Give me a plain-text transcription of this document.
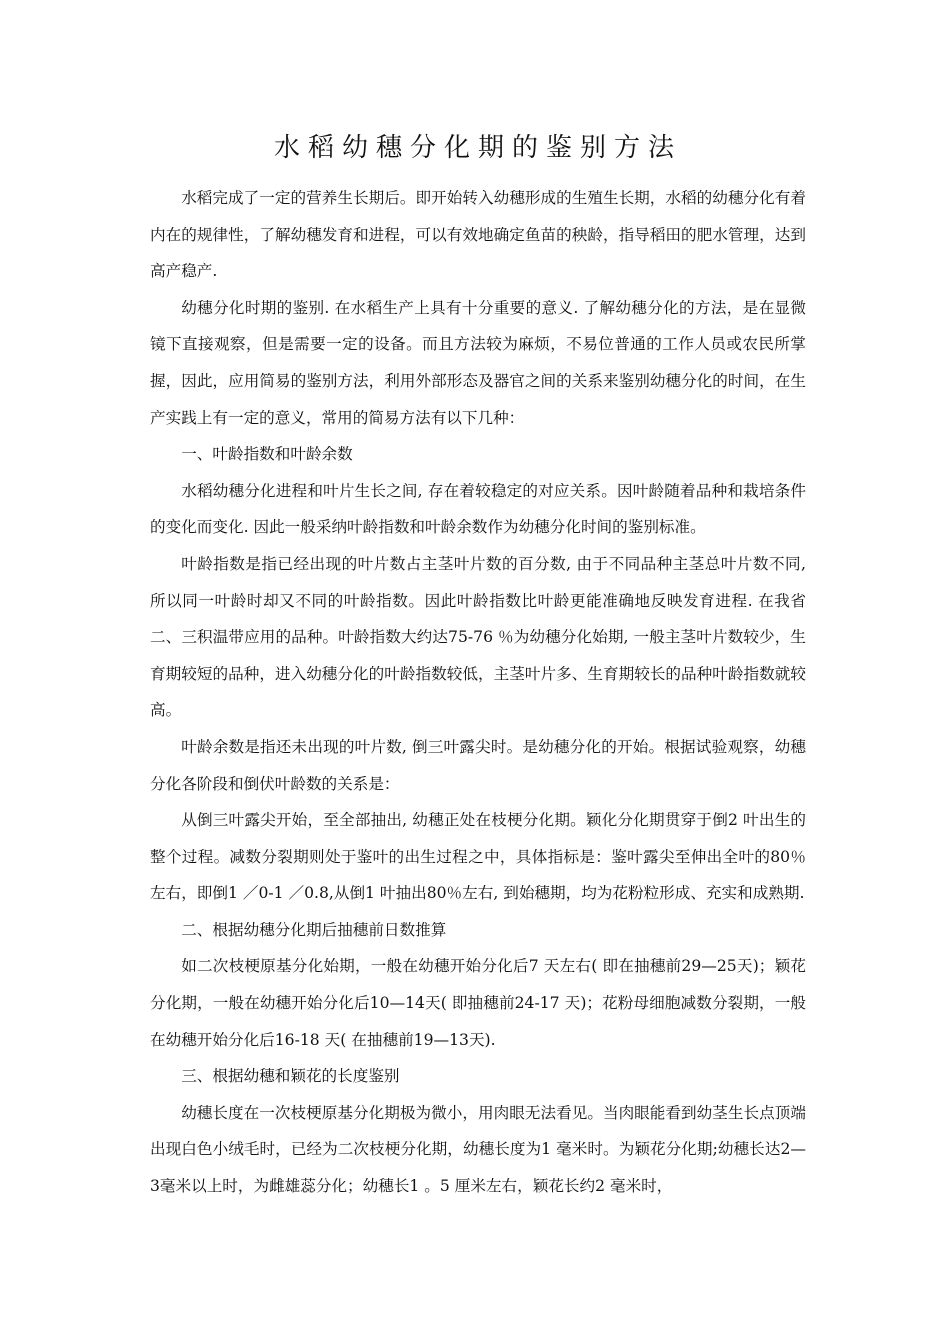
水稻幼穗分化期的鉴别方法

水稻完成了一定的营养生长期后。即开始转入幼穗形成的生殖生长期，水稻的幼穗分化有着内在的规律性，了解幼穗发育和进程，可以有效地确定鱼苗的秧龄，指导稻田的肥水管理，达到高产稳产.

幼穗分化时期的鉴别. 在水稻生产上具有十分重要的意义. 了解幼穗分化的方法，是在显微镜下直接观察，但是需要一定的设备。而且方法较为麻烦，不易位普通的工作人员或农民所掌握，因此，应用简易的鉴别方法，利用外部形态及器官之间的关系来鉴别幼穗分化的时间，在生产实践上有一定的意义，常用的简易方法有以下几种：

一、叶龄指数和叶龄余数

水稻幼穗分化进程和叶片生长之间, 存在着较稳定的对应关系。因叶龄随着品种和栽培条件的变化而变化. 因此一般采纳叶龄指数和叶龄余数作为幼穗分化时间的鉴别标准。

叶龄指数是指已经出现的叶片数占主茎叶片数的百分数, 由于不同品种主茎总叶片数不同, 所以同一叶龄时却又不同的叶龄指数。因此叶龄指数比叶龄更能准确地反映发育进程. 在我省二、三积温带应用的品种。叶龄指数大约达75-76 ％为幼穗分化始期, 一般主茎叶片数较少，生育期较短的品种，进入幼穗分化的叶龄指数较低，主茎叶片多、生育期较长的品种叶龄指数就较高。

叶龄余数是指还未出现的叶片数, 倒三叶露尖时。是幼穗分化的开始。根据试验观察，幼穗分化各阶段和倒伏叶龄数的关系是：

从倒三叶露尖开始，至全部抽出, 幼穗正处在枝梗分化期。颖化分化期贯穿于倒2 叶出生的整个过程。减数分裂期则处于鉴叶的出生过程之中，具体指标是：鉴叶露尖至伸出全叶的80％左右，即倒1 ／0-1 ／0.8,从倒1 叶抽出80％左右, 到始穗期，均为花粉粒形成、充实和成熟期.

二、根据幼穗分化期后抽穗前日数推算

如二次枝梗原基分化始期，一般在幼穗开始分化后7 天左右( 即在抽穗前29—25天)；颖花分化期，一般在幼穗开始分化后10—14天( 即抽穗前24-17 天)；花粉母细胞减数分裂期，一般在幼穗开始分化后16-18 天( 在抽穗前19—13天).

三、根据幼穗和颖花的长度鉴别

幼穗长度在一次枝梗原基分化期极为微小，用肉眼无法看见。当肉眼能看到幼茎生长点顶端出现白色小绒毛时，已经为二次枝梗分化期，幼穗长度为1 毫米时。为颖花分化期;幼穗长达2—3毫米以上时，为雌雄蕊分化；幼穗长1 。5 厘米左右，颖花长约2 毫米时，
